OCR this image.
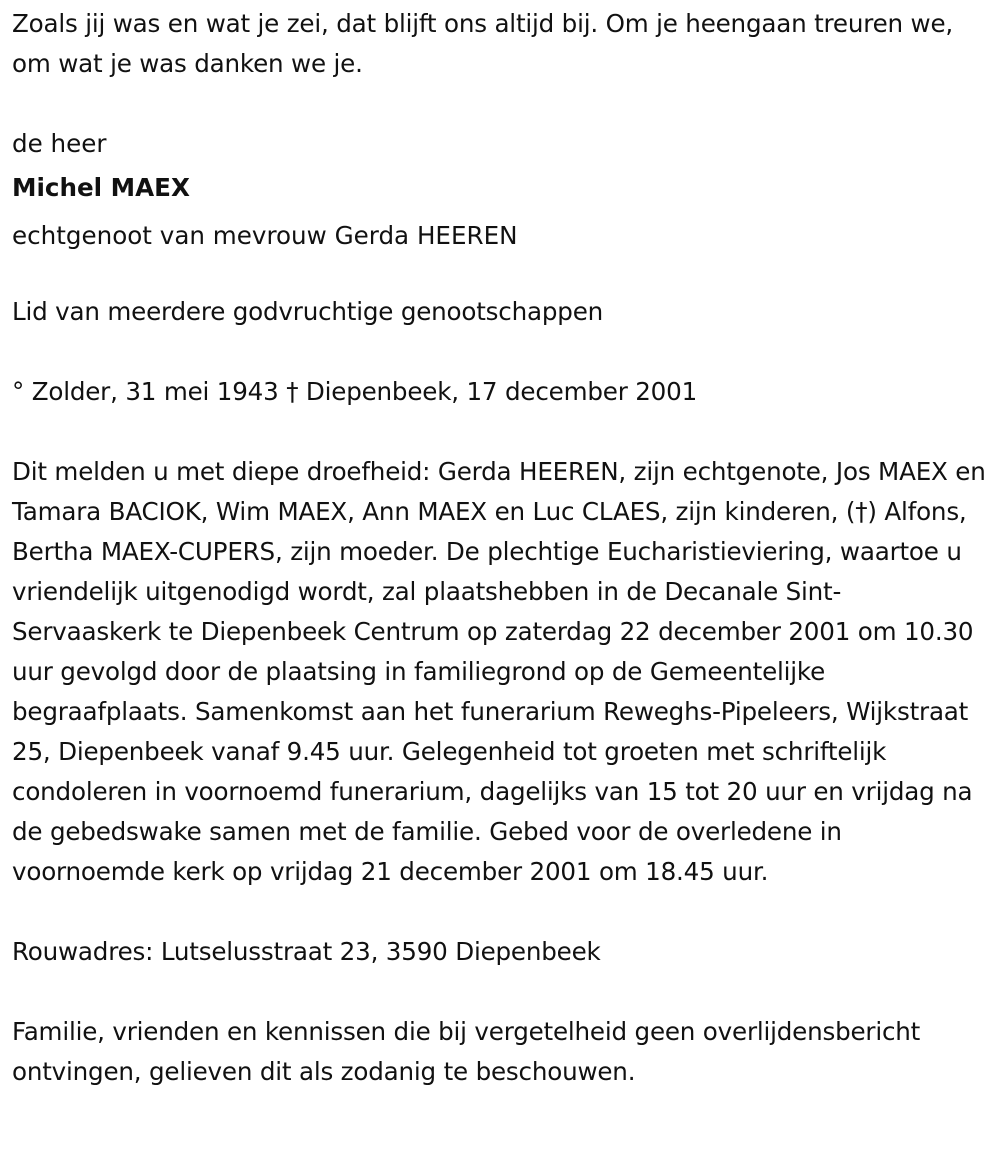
Zoals jij was en wat je zei, dat blijft ons altijd bij. Om je heengaan treuren we, om wat je was danken we je.

de heer

Michel MAEX

echtgenoot van mevrouw Gerda HEEREN

Lid van meerdere godvruchtige genootschappen

° Zolder, 31 mei 1943 † Diepenbeek, 17 december 2001

Dit melden u met diepe droefheid: Gerda HEEREN, zijn echtgenote, Jos MAEX en Tamara BACIOK, Wim MAEX, Ann MAEX en Luc CLAES, zijn kinderen, (†) Alfons, Bertha MAEX-CUPERS, zijn moeder. De plechtige Eucharistieviering, waartoe u vriendelijk uitgenodigd wordt, zal plaatshebben in de Decanale Sint-Servaaskerk te Diepenbeek Centrum op zaterdag 22 december 2001 om 10.30 uur gevolgd door de plaatsing in familiegrond op de Gemeentelijke begraafplaats. Samenkomst aan het funerarium Reweghs-Pipeleers, Wijkstraat 25, Diepenbeek vanaf 9.45 uur. Gelegenheid tot groeten met schriftelijk condoleren in voornoemd funerarium, dagelijks van 15 tot 20 uur en vrijdag na de gebedswake samen met de familie. Gebed voor de overledene in voornoemde kerk op vrijdag 21 december 2001 om 18.45 uur.

Rouwadres: Lutselusstraat 23, 3590 Diepenbeek

Familie, vrienden en kennissen die bij vergetelheid geen overlijdensbericht ontvingen, gelieven dit als zodanig te beschouwen.
